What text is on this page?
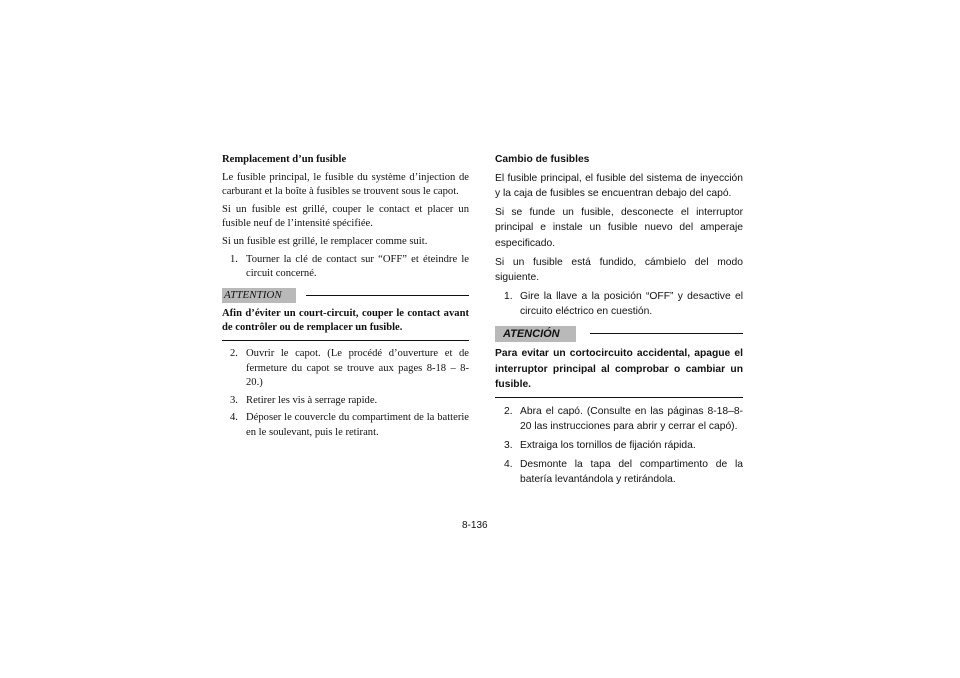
Remplacement d’un fusible

Le fusible principal, le fusible du système d’injection de carburant et la boîte à fusibles se trouvent sous le capot.

Si un fusible est grillé, couper le contact et placer un fusible neuf de l’intensité spécifiée.

Si un fusible est grillé, le remplacer comme suit.

1. Tourner la clé de contact sur “OFF” et éteindre le circuit concerné.
ATTENTION
Afin d’éviter un court-circuit, couper le contact avant de contrôler ou de remplacer un fusible.
2. Ouvrir le capot. (Le procédé d’ouverture et de fermeture du capot se trouve aux pages 8-18 – 8-20.)
3. Retirer les vis à serrage rapide.
4. Déposer le couvercle du compartiment de la batterie en le soulevant, puis le retirant.
Cambio de fusibles

El fusible principal, el fusible del sistema de inyección y la caja de fusibles se encuentran debajo del capó.

Si se funde un fusible, desconecte el interruptor principal e instale un fusible nuevo del amperaje especificado.

Si un fusible está fundido, cámbielo del modo siguiente.

1. Gire la llave a la posición “OFF” y desactive el circuito eléctrico en cuestión.
ATENCIÓN
Para evitar un cortocircuito accidental, apague el interruptor principal al comprobar o cambiar un fusible.
2. Abra el capó. (Consulte en las páginas 8-18–8-20 las instrucciones para abrir y cerrar el capó).
3. Extraiga los tornillos de fijación rápida.
4. Desmonte la tapa del compartimento de la batería levantándola y retirándola.
8-136
